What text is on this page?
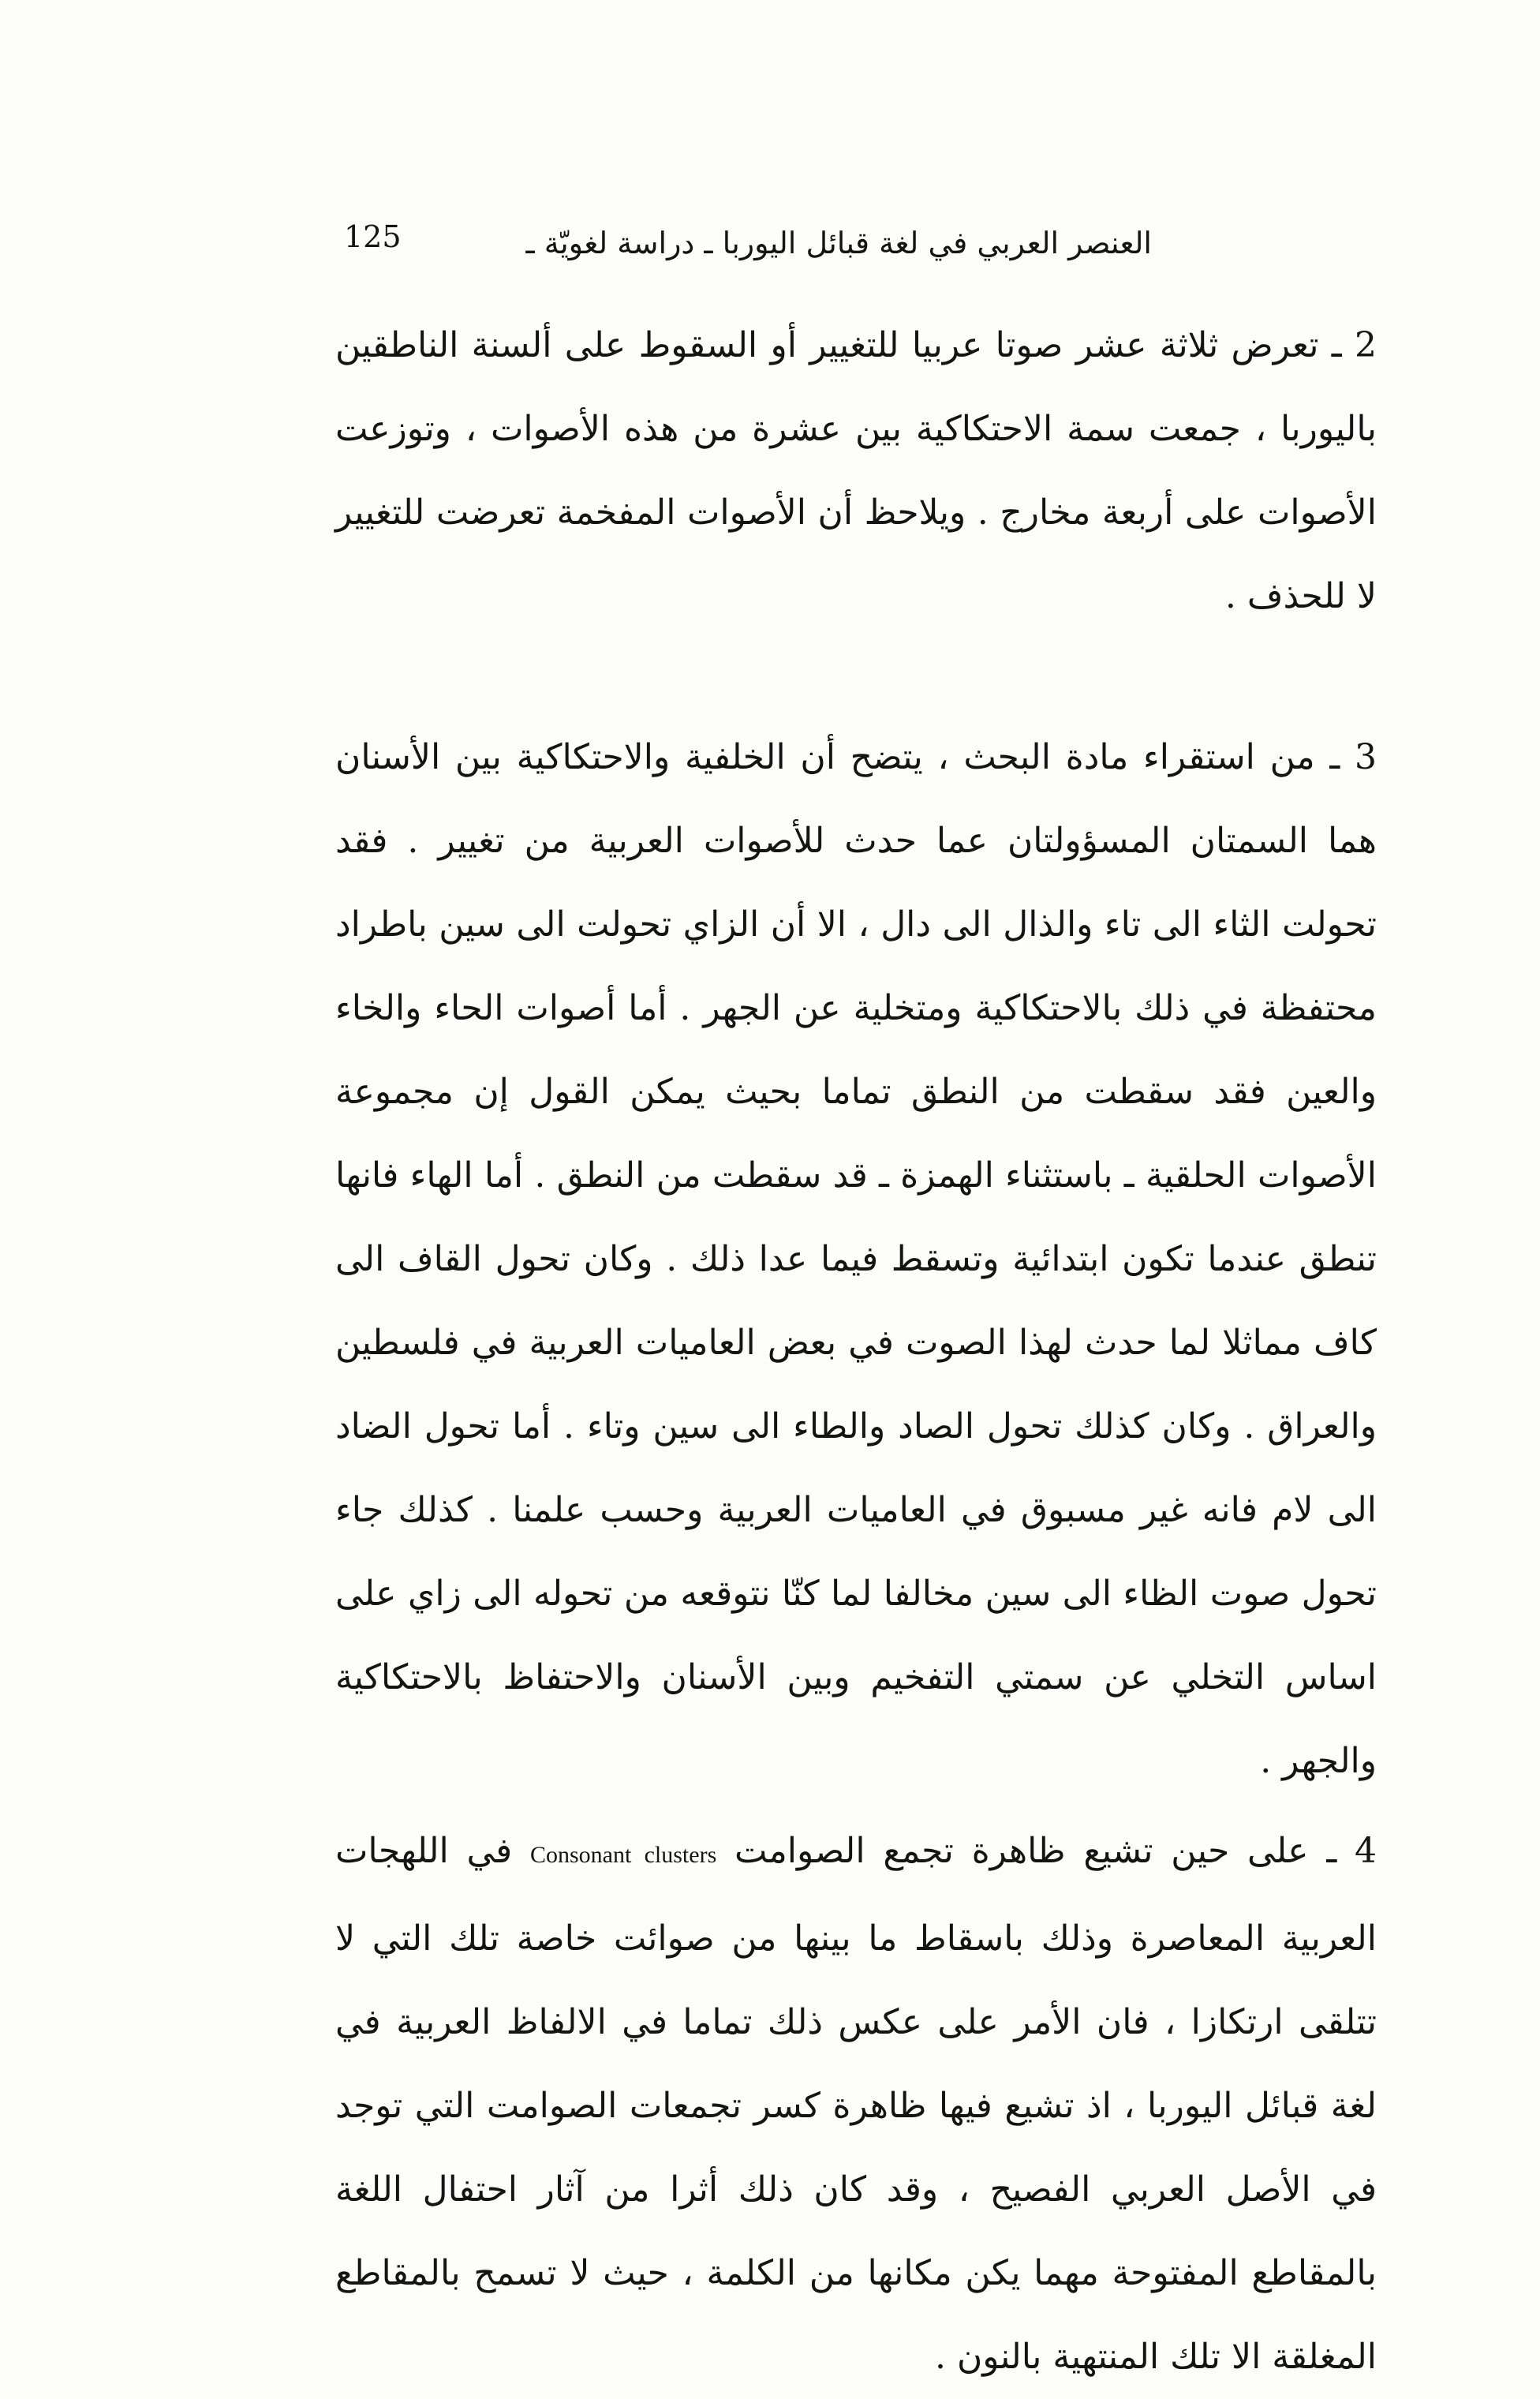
125	العنصر العربي في لغة قبائل اليوربا ـ دراسة لغويّة ـ

2 ـ تعرض ثلاثة عشر صوتا عربيا للتغيير أو السقوط على ألسنة الناطقين باليوربا ، جمعت سمة الاحتكاكية بين عشرة من هذه الأصوات ، وتوزعت الأصوات على أربعة مخارج . ويلاحظ أن الأصوات المفخمة تعرضت للتغيير لا للحذف .

3 ـ من استقراء مادة البحث ، يتضح أن الخلفية والاحتكاكية بين الأسنان هما السمتان المسؤولتان عما حدث للأصوات العربية من تغيير . فقد تحولت الثاء الى تاء والذال الى دال ، الا أن الزاي تحولت الى سين باطراد محتفظة في ذلك بالاحتكاكية ومتخلية عن الجهر . أما أصوات الحاء والخاء والعين فقد سقطت من النطق تماما بحيث يمكن القول إن مجموعة الأصوات الحلقية ـ باستثناء الهمزة ـ قد سقطت من النطق . أما الهاء فانها تنطق عندما تكون ابتدائية وتسقط فيما عدا ذلك . وكان تحول القاف الى كاف مماثلا لما حدث لهذا الصوت في بعض العاميات العربية في فلسطين والعراق . وكان كذلك تحول الصاد والطاء الى سين وتاء . أما تحول الضاد الى لام فانه غير مسبوق في العاميات العربية وحسب علمنا . كذلك جاء تحول صوت الظاء الى سين مخالفا لما كنّا نتوقعه من تحوله الى زاي على اساس التخلي عن سمتي التفخيم وبين الأسنان والاحتفاظ بالاحتكاكية والجهر .

4 ـ على حين تشيع ظاهرة تجمع الصوامت Consonant clusters في اللهجات العربية المعاصرة وذلك باسقاط ما بينها من صوائت خاصة تلك التي لا تتلقى ارتكازا ، فان الأمر على عكس ذلك تماما في الالفاظ العربية في لغة قبائل اليوربا ، اذ تشيع فيها ظاهرة كسر تجمعات الصوامت التي توجد في الأصل العربي الفصيح ، وقد كان ذلك أثرا من آثار احتفال اللغة بالمقاطع المفتوحة مهما يكن مكانها من الكلمة ، حيث لا تسمح بالمقاطع المغلقة الا تلك المنتهية بالنون .
